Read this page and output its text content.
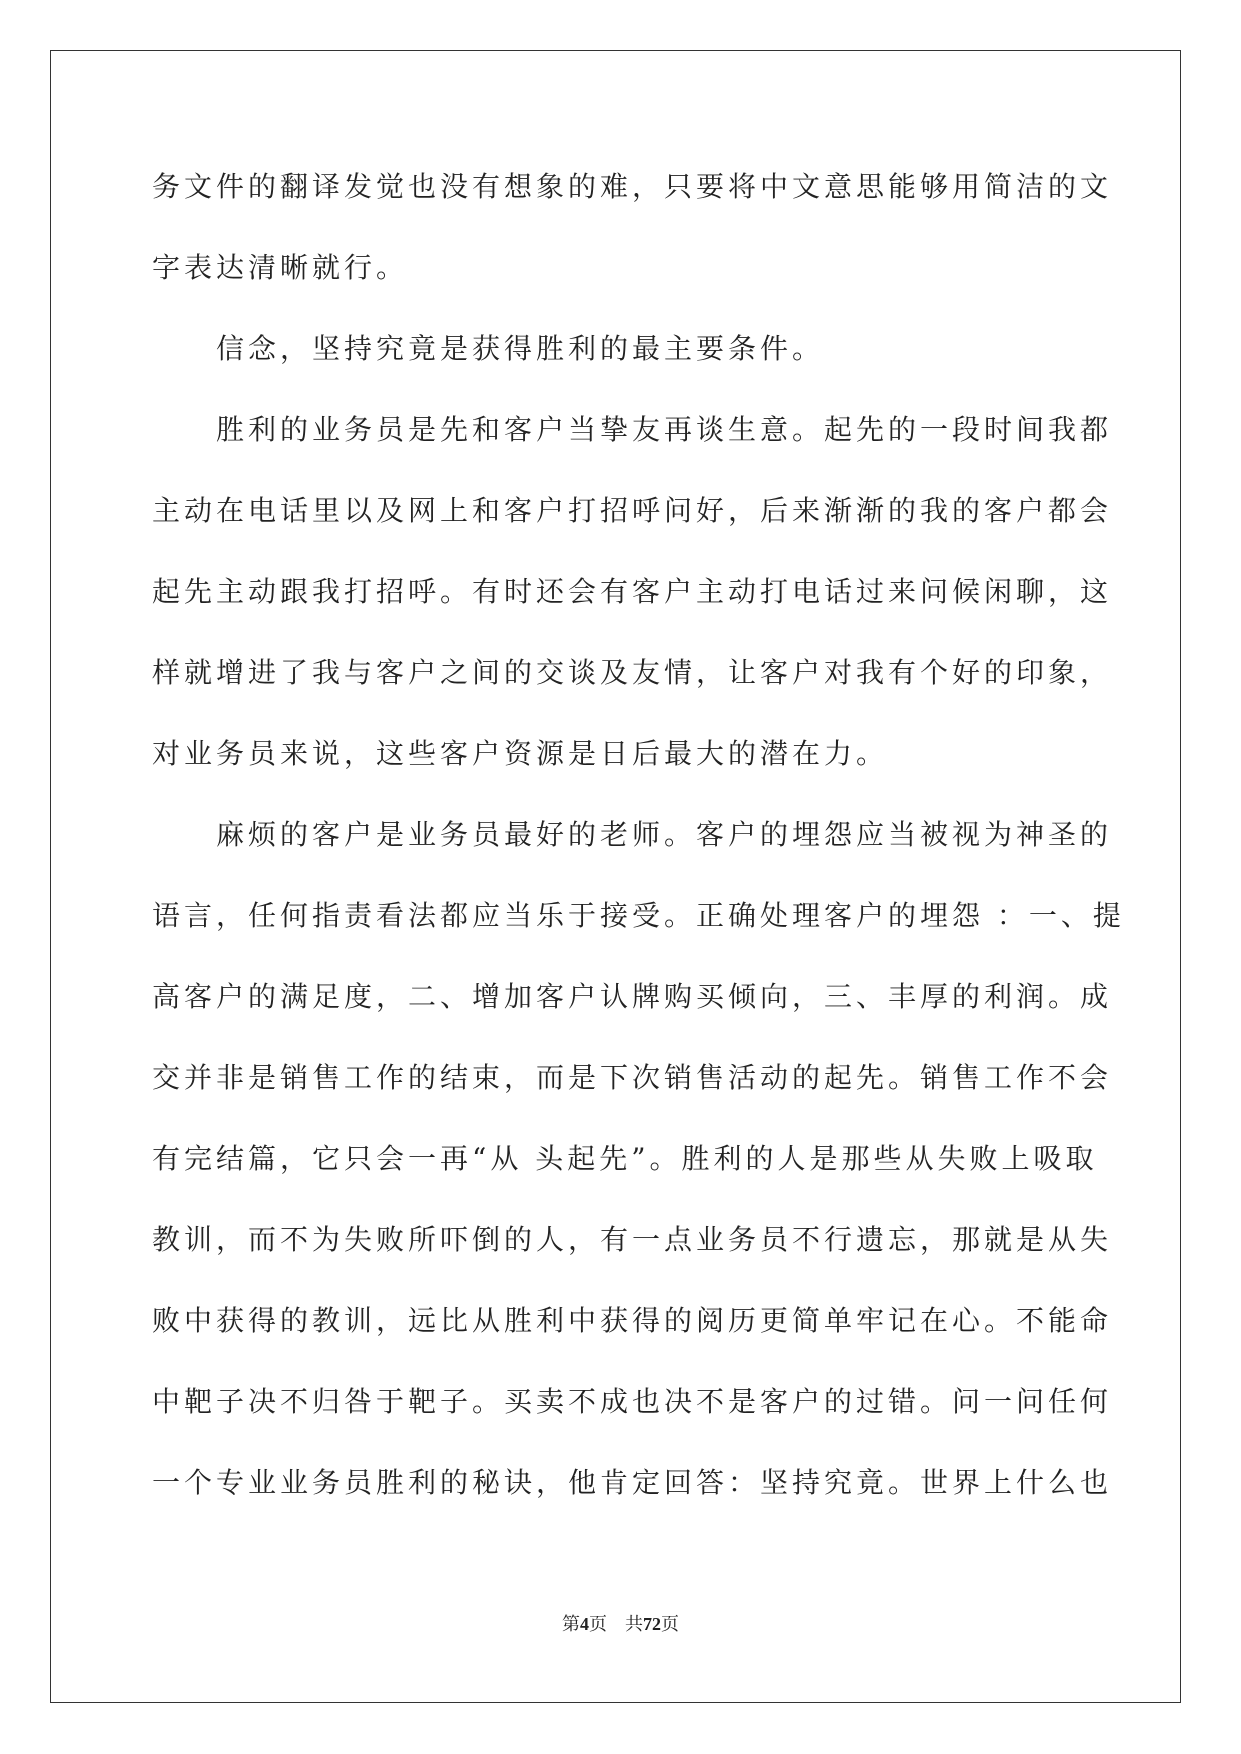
务文件的翻译发觉也没有想象的难，只要将中文意思能够用简洁的文
字表达清晰就行。
信念，坚持究竟是获得胜利的最主要条件。
胜利的业务员是先和客户当挚友再谈生意。起先的一段时间我都
主动在电话里以及网上和客户打招呼问好，后来渐渐的我的客户都会
起先主动跟我打招呼。有时还会有客户主动打电话过来问候闲聊，这
样就增进了我与客户之间的交谈及友情，让客户对我有个好的印象，
对业务员来说，这些客户资源是日后最大的潜在力。
麻烦的客户是业务员最好的老师。客户的埋怨应当被视为神圣的
语言，任何指责看法都应当乐于接受。正确处理客户的埋怨 ：一、提
高客户的满足度，二、增加客户认牌购买倾向，三、丰厚的利润。成
交并非是销售工作的结束，而是下次销售活动的起先。销售工作不会
有完结篇，它只会一再“从 头起先”。胜利的人是那些从失败上吸取
教训，而不为失败所吓倒的人，有一点业务员不行遗忘，那就是从失
败中获得的教训，远比从胜利中获得的阅历更简单牢记在心。不能命
中靶子决不归咎于靶子。买卖不成也决不是客户的过错。问一问任何
一个专业业务员胜利的秘诀，他肯定回答：坚持究竟。世界上什么也
第4页　共72页
